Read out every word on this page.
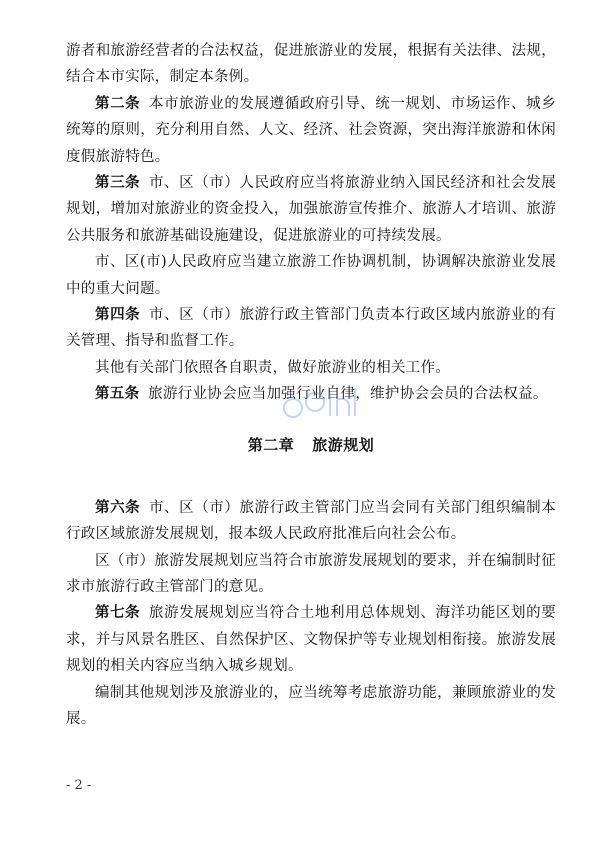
游者和旅游经营者的合法权益，促进旅游业的发展，根据有关法律、法规，结合本市实际，制定本条例。

第二条 本市旅游业的发展遵循政府引导、统一规划、市场运作、城乡统筹的原则，充分利用自然、人文、经济、社会资源，突出海洋旅游和休闲度假旅游特色。

第三条 市、区（市）人民政府应当将旅游业纳入国民经济和社会发展规划，增加对旅游业的资金投入，加强旅游宣传推介、旅游人才培训、旅游公共服务和旅游基础设施建设，促进旅游业的可持续发展。

市、区(市)人民政府应当建立旅游工作协调机制，协调解决旅游业发展中的重大问题。

第四条 市、区（市）旅游行政主管部门负责本行政区域内旅游业的有关管理、指导和监督工作。

其他有关部门依照各自职责，做好旅游业的相关工作。

第五条 旅游行业协会应当加强行业自律，维护协会会员的合法权益。

第二章 旅游规划

第六条 市、区（市）旅游行政主管部门应当会同有关部门组织编制本行政区域旅游发展规划，报本级人民政府批准后向社会公布。

区（市）旅游发展规划应当符合市旅游发展规划的要求，并在编制时征求市旅游行政主管部门的意见。

第七条 旅游发展规划应当符合土地利用总体规划、海洋功能区划的要求，并与风景名胜区、自然保护区、文物保护等专业规划相衔接。旅游发展规划的相关内容应当纳入城乡规划。

编制其他规划涉及旅游业的，应当统筹考虑旅游功能，兼顾旅游业的发展。

- 2 -
